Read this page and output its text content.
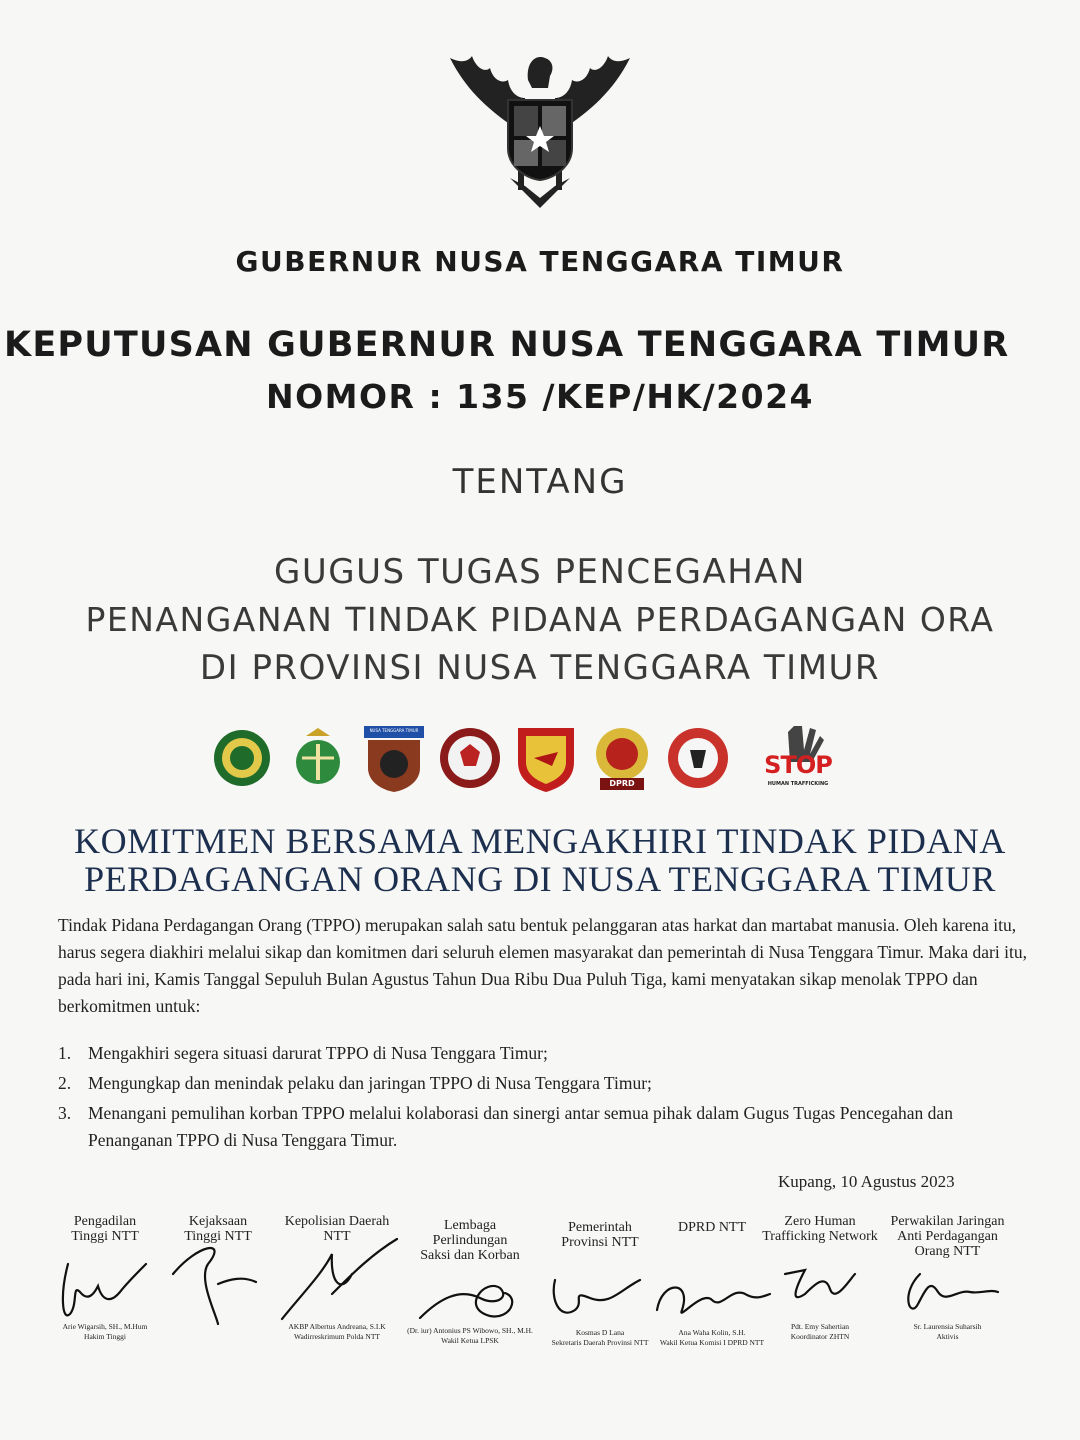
GUBERNUR NUSA TENGGARA TIMUR
KEPUTUSAN GUBERNUR NUSA TENGGARA TIMUR
NOMOR : 135 /KEP/HK/2024
TENTANG
GUGUS TUGAS PENCEGAHAN
PENANGANAN TINDAK PIDANA PERDAGANGAN ORA
DI PROVINSI NUSA TENGGARA TIMUR
NUSA TENGGARA TIMUR
DPRD
STOP
HUMAN TRAFFICKING
KOMITMEN BERSAMA MENGAKHIRI TINDAK PIDANA
PERDAGANGAN ORANG DI NUSA TENGGARA TIMUR
Tindak Pidana Perdagangan Orang (TPPO) merupakan salah satu bentuk pelanggaran atas harkat dan martabat manusia. Oleh karena itu, harus segera diakhiri melalui sikap dan komitmen dari seluruh elemen masyarakat dan pemerintah di Nusa Tenggara Timur. Maka dari itu, pada hari ini, Kamis Tanggal Sepuluh Bulan Agustus Tahun Dua Ribu Dua Puluh Tiga, kami menyatakan sikap menolak TPPO dan berkomitmen untuk:
1. Mengakhiri segera situasi darurat TPPO di Nusa Tenggara Timur;
2. Mengungkap dan menindak pelaku dan jaringan TPPO di Nusa Tenggara Timur;
3. Menangani pemulihan korban TPPO melalui kolaborasi dan sinergi antar semua pihak dalam Gugus Tugas Pencegahan dan Penanganan TPPO di Nusa Tenggara Timur.
Kupang, 10 Agustus 2023
Pengadilan
Tinggi NTT
Arie Wigarsih, SH., M.Hum
Hakim Tinggi
Kejaksaan
Tinggi NTT
Kepolisian Daerah
NTT
AKBP Albertus Andreana, S.I.K
Wadirreskrimum Polda NTT
Lembaga
Perlindungan
Saksi dan Korban
(Dr. iur) Antonius PS Wibowo, SH., M.H.
Wakil Ketua LPSK
Pemerintah
Provinsi NTT
Kosmas D Lana
Sekretaris Daerah Provinsi NTT
DPRD NTT
Ana Waha Kolin, S.H.
Wakil Ketua Komisi I DPRD NTT
Zero Human
Trafficking Network
Pdt. Emy Sahertian
Koordinator ZHTN
Perwakilan Jaringan
Anti Perdagangan
Orang NTT
Sr. Laurensia Suharsih
Aktivis
